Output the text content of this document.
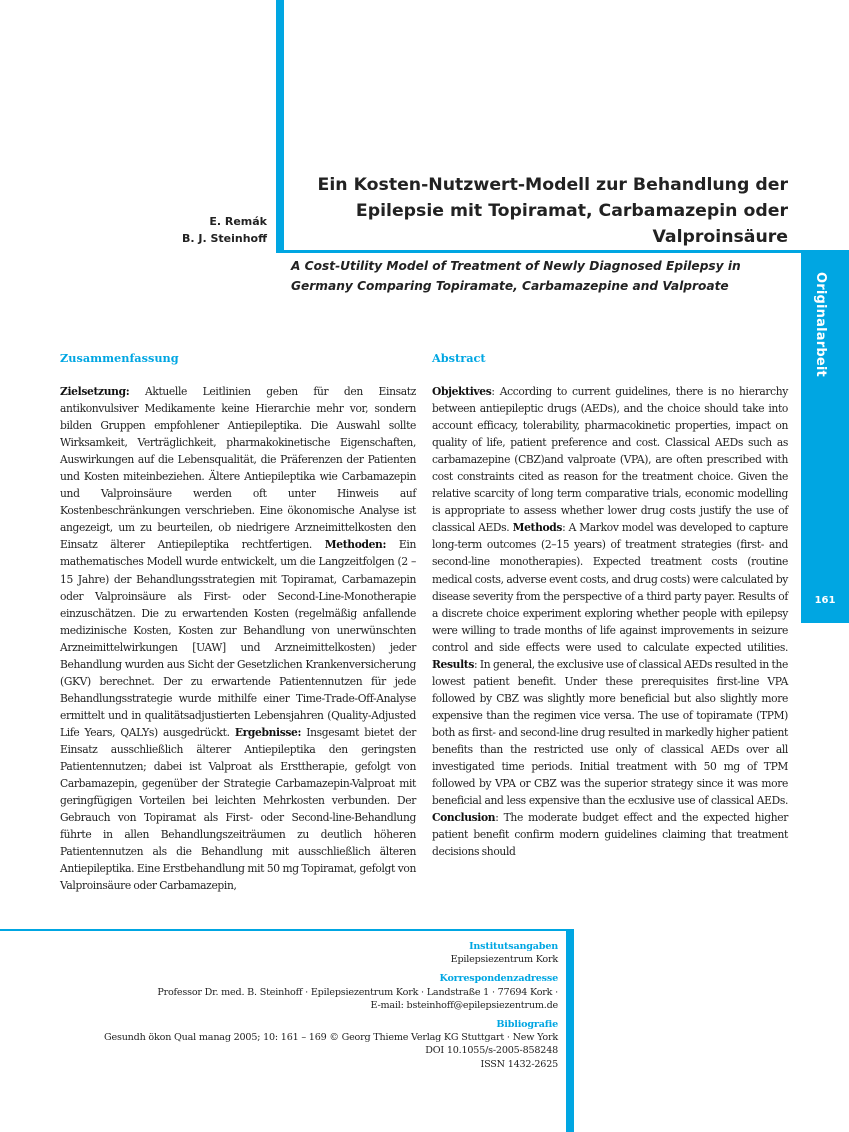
Originalarbeit
161
E. Remák
B. J. Steinhoff
Ein Kosten-Nutzwert-Modell zur Behandlung der Epilepsie mit Topiramat, Carbamazepin oder Valproinsäure
A Cost-Utility Model of Treatment of Newly Diagnosed Epilepsy in Germany Comparing Topiramate, Carbamazepine and Valproate
Zusammenfassung	Abstract

Zielsetzung: Aktuelle Leitlinien geben für den Einsatz antikonvulsiver Medikamente keine Hierarchie mehr vor, sondern bilden Gruppen empfohlener Antiepileptika. Die Auswahl sollte Wirksamkeit, Verträglichkeit, pharmakokinetische Eigenschaften, Auswirkungen auf die Lebensqualität, die Präferenzen der Patienten und Kosten miteinbeziehen. Ältere Antiepileptika wie Carbamazepin und Valproinsäure werden oft unter Hinweis auf Kostenbeschränkungen verschrieben. Eine ökonomische Analyse ist angezeigt, um zu beurteilen, ob niedrigere Arzneimittelkosten den Einsatz älterer Antiepileptika rechtfertigen. Methoden: Ein mathematisches Modell wurde entwickelt, um die Langzeitfolgen (2 – 15 Jahre) der Behandlungsstrategien mit Topiramat, Carbamazepin oder Valproinsäure als First- oder Second-Line-Monotherapie einzuschätzen. Die zu erwartenden Kosten (regelmäßig anfallende medizinische Kosten, Kosten zur Behandlung von unerwünschten Arzneimittelwirkungen [UAW] und Arzneimittelkosten) jeder Behandlung wurden aus Sicht der Gesetzlichen Krankenversicherung (GKV) berechnet. Der zu erwartende Patientennutzen für jede Behandlungsstrategie wurde mithilfe einer Time-Trade-Off-Analyse ermittelt und in qualitätsadjustierten Lebensjahren (Quality-Adjusted Life Years, QALYs) ausgedrückt. Ergebnisse: Insgesamt bietet der Einsatz ausschließlich älterer Antiepileptika den geringsten Patientennutzen; dabei ist Valproat als Ersttherapie, gefolgt von Carbamazepin, gegenüber der Strategie Carbamazepin-Valproat mit geringfügigen Vorteilen bei leichten Mehrkosten verbunden. Der Gebrauch von Topiramat als First- oder Second-line-Behandlung führte in allen Behandlungszeiträumen zu deutlich höheren Patientennutzen als die Behandlung mit ausschließlich älteren Antiepileptika. Eine Erstbehandlung mit 50 mg Topiramat, gefolgt von Valproinsäure oder Carbamazepin,

Objektives: According to current guidelines, there is no hierarchy between antiepileptic drugs (AEDs), and the choice should take into account efficacy, tolerability, pharmacokinetic properties, impact on quality of life, patient preference and cost. Classical AEDs such as carbamazepine (CBZ)and valproate (VPA), are often prescribed with cost constraints cited as reason for the treatment choice. Given the relative scarcity of long term comparative trials, economic modelling is appropriate to assess whether lower drug costs justify the use of classical AEDs. Methods: A Markov model was developed to capture long-term outcomes (2–15 years) of treatment strategies (first- and second-line monotherapies). Expected treatment costs (routine medical costs, adverse event costs, and drug costs) were calculated by disease severity from the perspective of a third party payer. Results of a discrete choice experiment exploring whether people with epilepsy were willing to trade months of life against improvements in seizure control and side effects were used to calculate expected utilities. Results: In general, the exclusive use of classical AEDs resulted in the lowest patient benefit. Under these prerequisites first-line VPA followed by CBZ was slightly more beneficial but also slightly more expensive than the regimen vice versa. The use of topiramate (TPM) both as first- and second-line drug resulted in markedly higher patient benefits than the restricted use only of classical AEDs over all investigated time periods. Initial treatment with 50 mg of TPM followed by VPA or CBZ was the superior strategy since it was more beneficial and less expensive than the ecxlusive use of classical AEDs. Conclusion: The moderate budget effect and the expected higher patient benefit confirm modern guidelines claiming that treatment decisions should

Institutsangaben
Epilepsiezentrum Kork
Korrespondenzadresse
Professor Dr. med. B. Steinhoff · Epilepsiezentrum Kork · Landstraße 1 · 77694 Kork ·
E-mail: bsteinhoff@epilepsiezentrum.de
Bibliografie
Gesundh ökon Qual manag 2005; 10: 161 – 169 © Georg Thieme Verlag KG Stuttgart · New York
DOI 10.1055/s-2005-858248
ISSN 1432-2625
